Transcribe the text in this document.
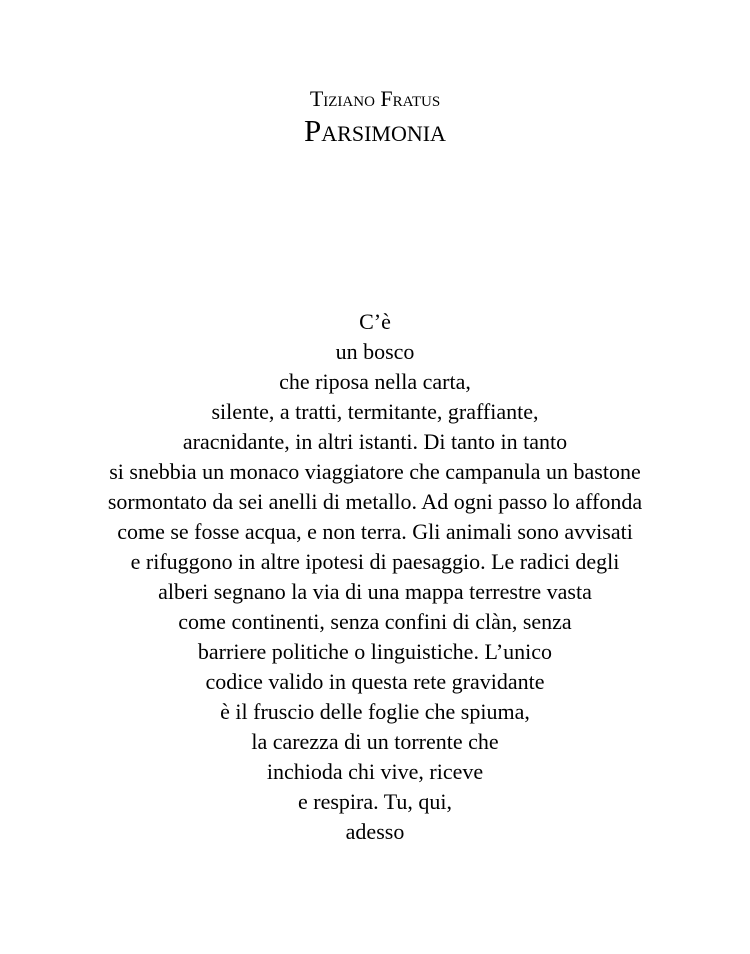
Tiziano Fratus
Parsimonia
C’è
un bosco
che riposa nella carta,
silente, a tratti, termitante, graffiante,
aracnidante, in altri istanti. Di tanto in tanto
si snebbia un monaco viaggiatore che campanula un bastone
sormontato da sei anelli di metallo. Ad ogni passo lo affonda
come se fosse acqua, e non terra. Gli animali sono avvisati
e rifuggono in altre ipotesi di paesaggio. Le radici degli
alberi segnano la via di una mappa terrestre vasta
come continenti, senza confini di clàn, senza
barriere politiche o linguistiche. L’unico
codice valido in questa rete gravidante
è il fruscio delle foglie che spiuma,
la carezza di un torrente che
inchioda chi vive, riceve
e respira. Tu, qui,
adesso
